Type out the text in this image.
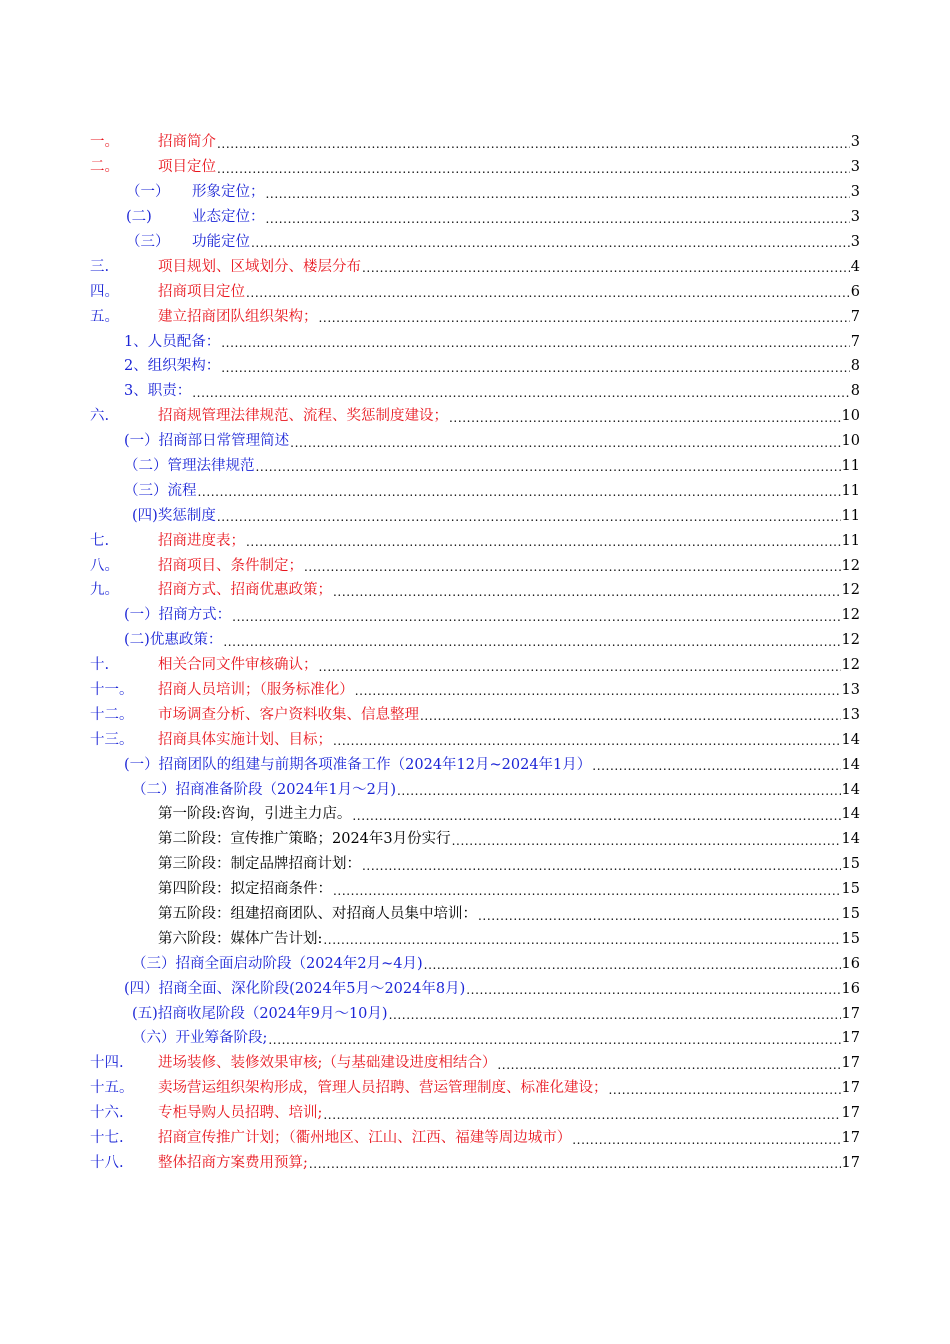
一。	招商简介 .....	3
二。	项目定位 .....	3
（一）	形象定位； .....	3
(二)	业态定位： .....	3
（三）	功能定位 .....	3
三.	项目规划、区域划分、楼层分布 .....	4
四。	招商项目定位 .....	6
五。	建立招商团队组织架构； .....	7
1、人员配备： .....	7
2、组织架构： .....	8
3、职责： .....	8
六.	招商规管理法律规范、流程、奖惩制度建设； .....	10
(一）招商部日常管理简述 .....	10
（二）管理法律规范 .....	11
（三）流程 .....	11
(四)奖惩制度 .....	11
七.	招商进度表； .....	11
八。	招商项目、条件制定； .....	12
九。	招商方式、招商优惠政策； .....	12
(一）招商方式： .....	12
(二)优惠政策： .....	12
十.	相关合同文件审核确认； .....	12
十一。	招商人员培训；（服务标准化） .....	13
十二。	市场调查分析、客户资料收集、信息整理 .....	13
十三。	招商具体实施计划、目标； .....	14
(一）招商团队的组建与前期各项准备工作（2024年12月~2024年1月） .....	14
（二）招商准备阶段（2024年1月～2月) .....	14
第一阶段:咨询，引进主力店。 .....	14
第二阶段：宣传推广策略；2024年3月份实行 .....	14
第三阶段：制定品牌招商计划： .....	15
第四阶段：拟定招商条件： .....	15
第五阶段：组建招商团队、对招商人员集中培训： .....	15
第六阶段：媒体广告计划: .....	15
（三）招商全面启动阶段（2024年2月~4月) .....	16
(四）招商全面、深化阶段(2024年5月～2024年8月) .....	16
(五)招商收尾阶段（2024年9月～10月) .....	17
（六）开业筹备阶段; .....	17
十四.	进场装修、装修效果审核;（与基础建设进度相结合） .....	17
十五。	卖场营运组织架构形成，管理人员招聘、营运管理制度、标准化建设； .....	17
十六.	专柜导购人员招聘、培训; .....	17
十七.	招商宣传推广计划；（衢州地区、江山、江西、福建等周边城市） .....	17
十八.	整体招商方案费用预算; .....	17
